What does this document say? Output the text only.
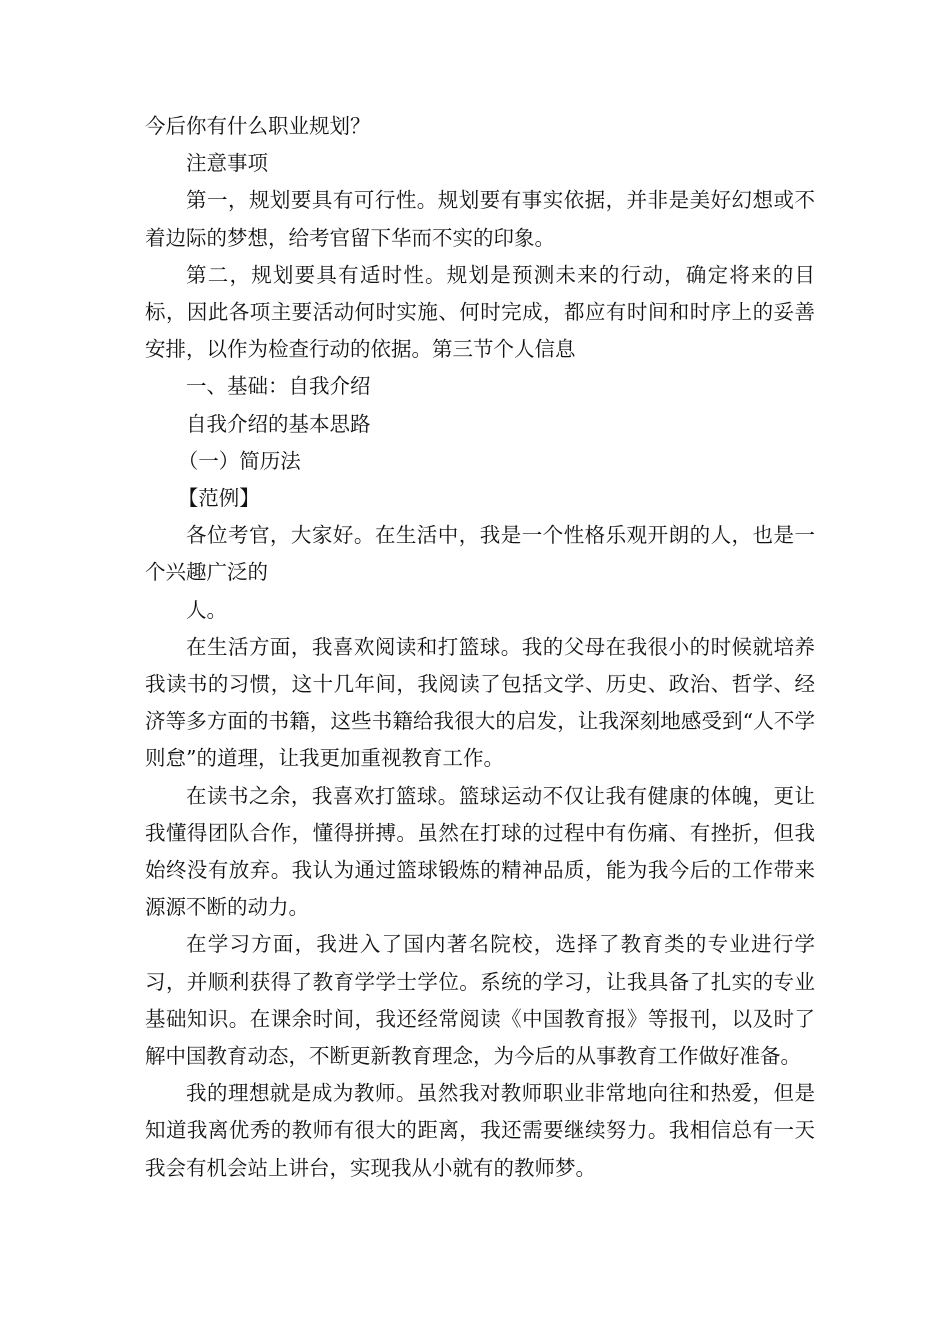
今后你有什么职业规划？

注意事项

第一，规划要具有可行性。规划要有事实依据，并非是美好幻想或不着边际的梦想，给考官留下华而不实的印象。

第二，规划要具有适时性。规划是预测未来的行动，确定将来的目标，因此各项主要活动何时实施、何时完成，都应有时间和时序上的妥善安排，以作为检查行动的依据。第三节个人信息

一、基础：自我介绍

自我介绍的基本思路

（一）简历法

【范例】

各位考官，大家好。在生活中，我是一个性格乐观开朗的人，也是一个兴趣广泛的

人。

在生活方面，我喜欢阅读和打篮球。我的父母在我很小的时候就培养我读书的习惯，这十几年间，我阅读了包括文学、历史、政治、哲学、经济等多方面的书籍，这些书籍给我很大的启发，让我深刻地感受到“人不学则怠”的道理，让我更加重视教育工作。

在读书之余，我喜欢打篮球。篮球运动不仅让我有健康的体魄，更让我懂得团队合作，懂得拼搏。虽然在打球的过程中有伤痛、有挫折，但我始终没有放弃。我认为通过篮球锻炼的精神品质，能为我今后的工作带来源源不断的动力。

在学习方面，我进入了国内著名院校，选择了教育类的专业进行学习，并顺利获得了教育学学士学位。系统的学习，让我具备了扎实的专业基础知识。在课余时间，我还经常阅读《中国教育报》等报刊，以及时了解中国教育动态，不断更新教育理念，为今后的从事教育工作做好准备。

我的理想就是成为教师。虽然我对教师职业非常地向往和热爱，但是知道我离优秀的教师有很大的距离，我还需要继续努力。我相信总有一天我会有机会站上讲台，实现我从小就有的教师梦。
